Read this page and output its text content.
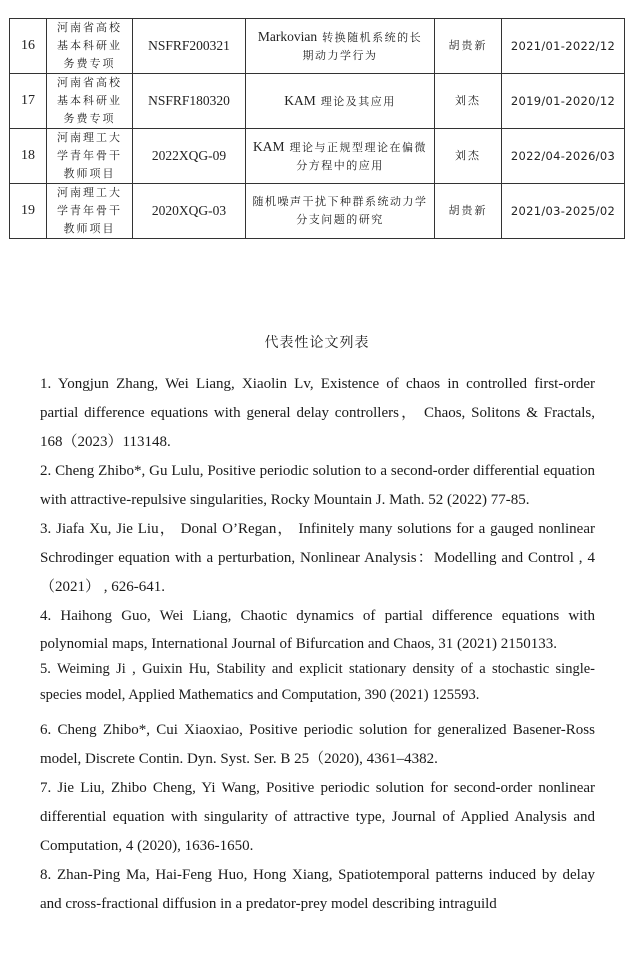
16	河南省高校基本科研业务费专项	NSFRF200321	Markovian 转换随机系统的长期动力学行为	胡贵新	2021/01-2022/12
17	河南省高校基本科研业务费专项	NSFRF180320	KAM 理论及其应用	刘杰	2019/01-2020/12
18	河南理工大学青年骨干教师项目	2022XQG-09	KAM 理论与正规型理论在偏微分方程中的应用	刘杰	2022/04-2026/03
19	河南理工大学青年骨干教师项目	2020XQG-03	随机噪声干扰下种群系统动力学分支问题的研究	胡贵新	2021/03-2025/02
代表性论文列表

1. Yongjun Zhang, Wei Liang, Xiaolin Lv, Existence of chaos in controlled first-order partial difference equations with general delay controllers， Chaos, Solitons & Fractals, 168（2023）113148.

2. Cheng Zhibo*, Gu Lulu, Positive periodic solution to a second-order differential equation with attractive-repulsive singularities, Rocky Mountain J. Math. 52 (2022) 77-85.

3. Jiafa Xu, Jie Liu， Donal O’Regan， Infinitely many solutions for a gauged nonlinear Schrodinger equation with a perturbation, Nonlinear Analysis：Modelling and Control , 4 （2021） , 626-641.

4. Haihong Guo, Wei Liang, Chaotic dynamics of partial difference equations with polynomial maps, International Journal of Bifurcation and Chaos, 31 (2021) 2150133.

5. Weiming Ji , Guixin Hu, Stability and explicit stationary density of a stochastic single-species model, Applied Mathematics and Computation, 390 (2021) 125593.

6. Cheng Zhibo*, Cui Xiaoxiao, Positive periodic solution for generalized Basener-Ross model, Discrete Contin. Dyn. Syst. Ser. B 25（2020), 4361–4382.

7. Jie Liu, Zhibo Cheng, Yi Wang, Positive periodic solution for second-order nonlinear differential equation with singularity of attractive type, Journal of Applied Analysis and Computation, 4 (2020), 1636-1650.

8. Zhan-Ping Ma, Hai-Feng Huo, Hong Xiang, Spatiotemporal patterns induced by delay and cross-fractional diffusion in a predator-prey model describing intraguild
